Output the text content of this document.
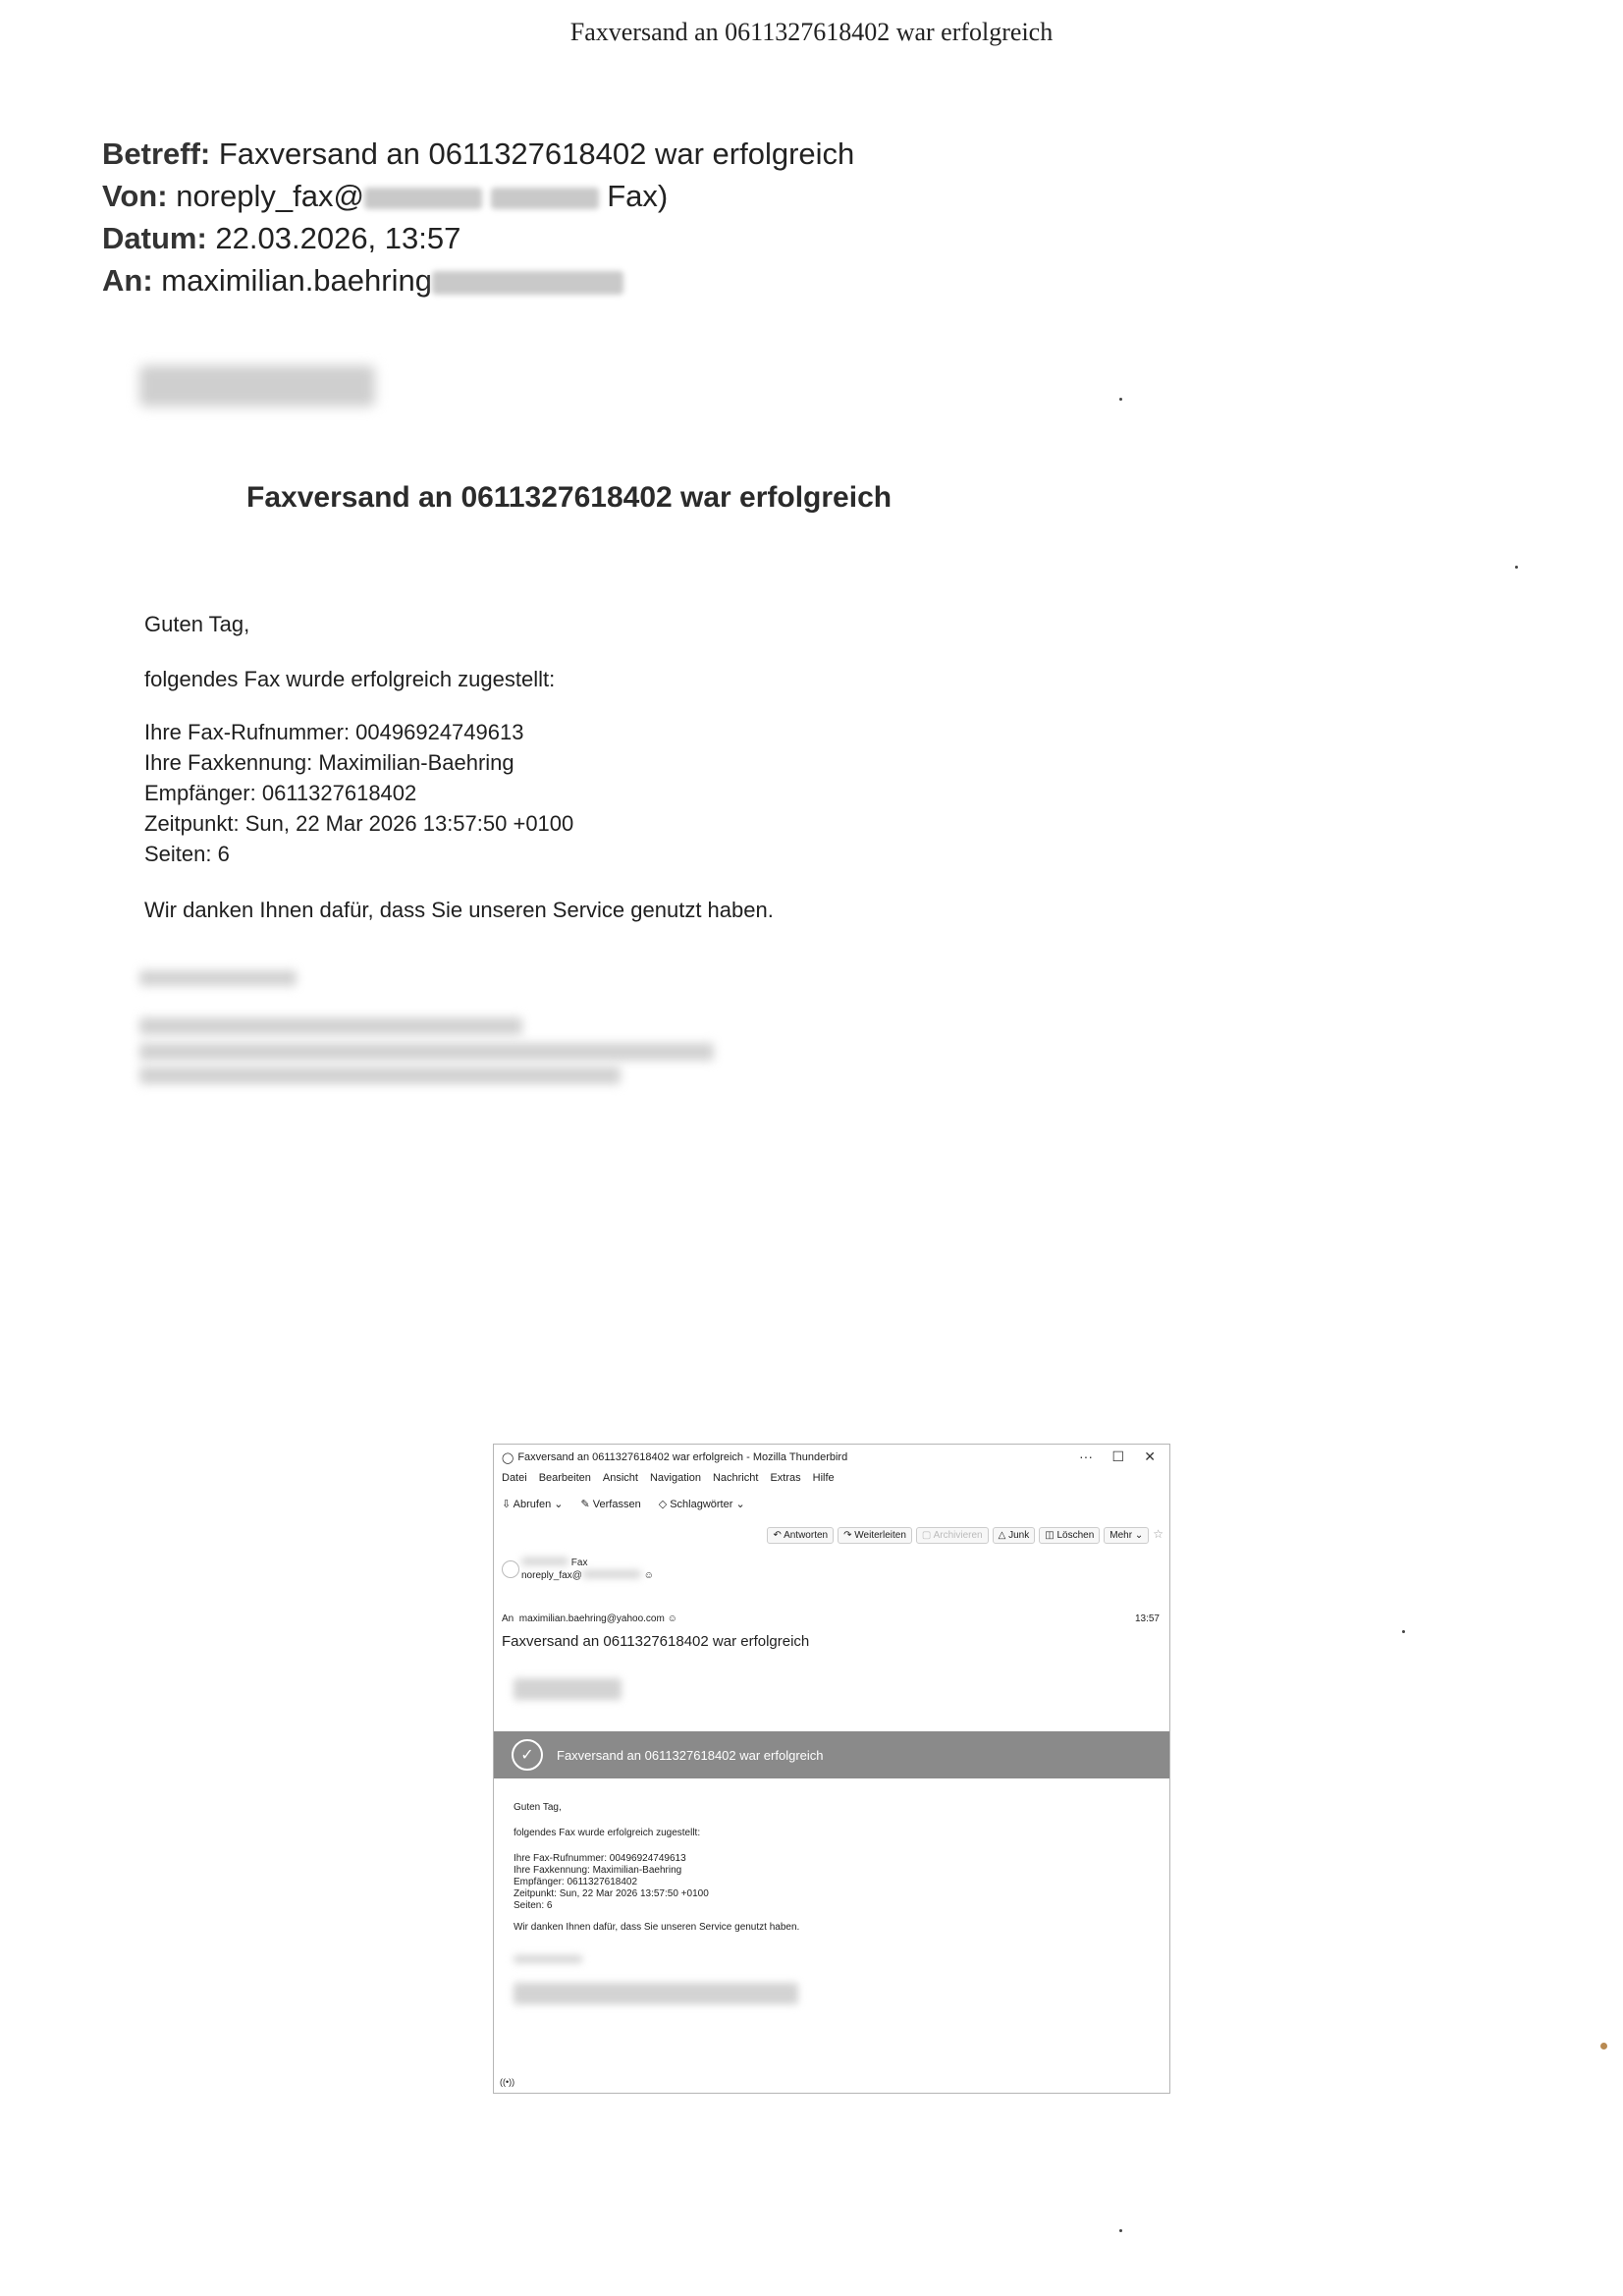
Faxversand an 0611327618402 war erfolgreich
Betreff: Faxversand an 0611327618402 war erfolgreich
Von: noreply_fax@	Fax)
Datum: 22.03.2026, 13:57
An: maximilian.baehring
Faxversand an 0611327618402 war erfolgreich
Guten Tag,
folgendes Fax wurde erfolgreich zugestellt:
Ihre Fax-Rufnummer: 00496924749613
Ihre Faxkennung: Maximilian-Baehring
Empfänger: 0611327618402
Zeitpunkt: Sun, 22 Mar 2026 13:57:50 +0100
Seiten: 6
Wir danken Ihnen dafür, dass Sie unseren Service genutzt haben.
◯ Faxversand an 0611327618402 war erfolgreich - Mozilla Thunderbird	··· ☐ ✕
Datei Bearbeiten Ansicht Navigation Nachricht Extras Hilfe
⇩ Abrufen ⌄ ✎ Verfassen ◇ Schlagwörter ⌄
↶ Antworten	↷ Weiterleiten	▢ Archivieren	△ Junk	◫ Löschen	Mehr ⌄ ☆
Fax
noreply_fax@	☺
An maximilian.baehring@yahoo.com ☺	13:57
Faxversand an 0611327618402 war erfolgreich
✓	Faxversand an 0611327618402 war erfolgreich
Guten Tag,
folgendes Fax wurde erfolgreich zugestellt:
Ihre Fax-Rufnummer: 00496924749613
Ihre Faxkennung: Maximilian-Baehring
Empfänger: 0611327618402
Zeitpunkt: Sun, 22 Mar 2026 13:57:50 +0100
Seiten: 6
Wir danken Ihnen dafür, dass Sie unseren Service genutzt haben.
((•))
